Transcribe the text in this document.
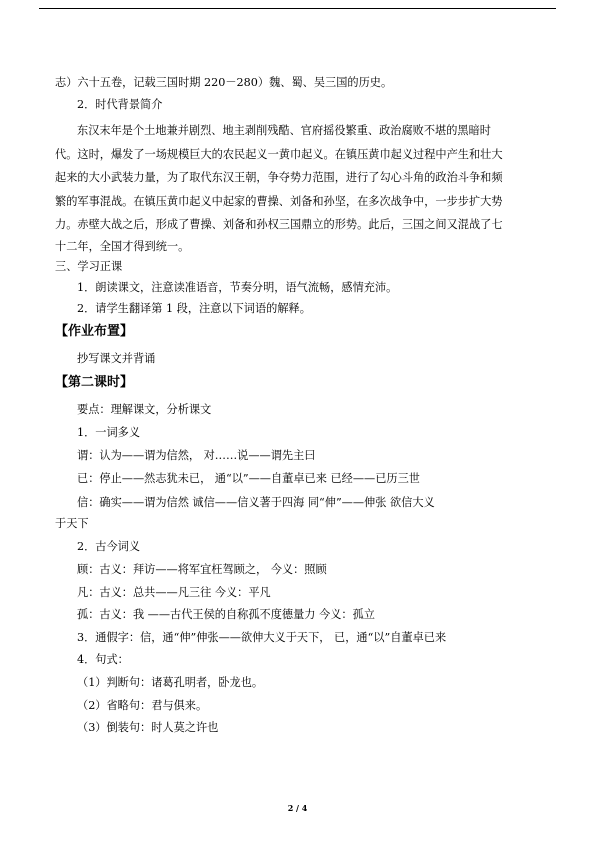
志）六十五卷，记载三国时期 220－280）魏、蜀、吴三国的历史。
2．时代背景简介
东汉末年是个土地兼并剧烈、地主剥削残酷、官府摇役繁重、政治腐败不堪的黑暗时
代。这时，爆发了一场规模巨大的农民起义一黄巾起义。在镇压黄巾起义过程中产生和壮大
起来的大小武装力量，为了取代东汉王朝，争夺势力范围，进行了勾心斗角的政治斗争和频
繁的军事混战。在镇压黄巾起义中起家的曹操、刘备和孙坚，在多次战争中，一步步扩大势
力。赤壁大战之后，形成了曹操、刘备和孙权三国鼎立的形势。此后，三国之间又混战了七
十二年，全国才得到统一。
三、学习正课
1．朗读课文，注意读准语音，节奏分明，语气流畅，感情充沛。
2．请学生翻译第 1 段，注意以下词语的解释。
【作业布置】
抄写课文并背诵
【第二课时】
要点：理解课文，分析课文
1．一词多义
谓：认为——谓为信然， 对……说——谓先主曰
已：停止——然志犹未已， 通“以”——自董卓已来 已经——已历三世
信：确实——谓为信然 诚信——信义著于四海 同“伸”——伸张 欲信大义
于天下
2．古今词义
顾：古义：拜访——将军宜枉驾顾之， 今义：照顾
凡：古义：总共——凡三往 今义：平凡
孤：古义：我 ——古代王侯的自称孤不度德量力 今义：孤立
3．通假字：信，通“伸”伸张——欲伸大义于天下， 已，通“以”自董卓已来
4．句式：
（1）判断句：诸葛孔明者，卧龙也。
（2）省略句：君与俱来。
（3）倒装句：时人莫之许也
2 / 4
